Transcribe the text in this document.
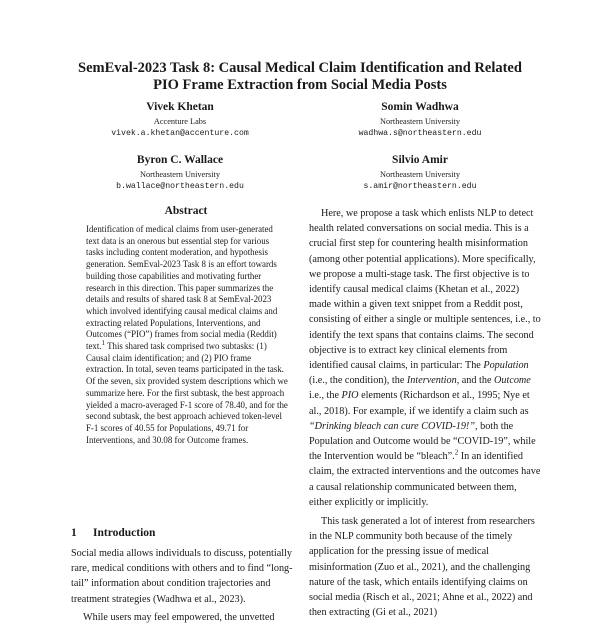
SemEval-2023 Task 8: Causal Medical Claim Identification and Related
PIO Frame Extraction from Social Media Posts
Vivek Khetan
Accenture Labs
vivek.a.khetan@accenture.com
Somin Wadhwa
Northeastern University
wadhwa.s@northeastern.edu
Byron C. Wallace
Northeastern University
b.wallace@northeastern.edu
Silvio Amir
Northeastern University
s.amir@northeastern.edu
Abstract

Identification of medical claims from user-generated text data is an onerous but essential step for various tasks including content moderation, and hypothesis generation. SemEval-2023 Task 8 is an effort towards building those capabilities and motivating further research in this direction. This paper summarizes the details and results of shared task 8 at SemEval-2023 which involved identifying causal medical claims and extracting related Populations, Interventions, and Outcomes (“PIO”) frames from social media (Reddit) text.$^1$ This shared task comprised two subtasks: (1) Causal claim identification; and (2) PIO frame extraction. In total, seven teams participated in the task. Of the seven, six provided system descriptions which we summarize here. For the first subtask, the best approach yielded a macro-averaged F-1 score of 78.40, and for the second subtask, the best approach achieved token-level F-1 scores of 40.55 for Populations, 49.71 for Interventions, and 30.08 for Outcome frames.

1 Introduction

Social media allows individuals to discuss, potentially rare, medical conditions with others and to find “long-tail” information about condition trajectories and treatment strategies (Wadhwa et al., 2023).

While users may feel empowered, the unvetted

Here, we propose a task which enlists NLP to detect health related conversations on social media. This is a crucial first step for countering health misinformation (among other potential applications). More specifically, we propose a multi-stage task. The first objective is to identify causal medical claims (Khetan et al., 2022) made within a given text snippet from a Reddit post, consisting of either a single or multiple sentences, i.e., to identify the text spans that contains claims. The second objective is to extract key clinical elements from identified causal claims, in particular: The Population (i.e., the condition), the Intervention, and the Outcome i.e., the PIO elements (Richardson et al., 1995; Nye et al., 2018). For example, if we identify a claim such as “Drinking bleach can cure COVID-19!”, both the Population and Outcome would be “COVID-19”, while the Intervention would be “bleach”.$^2$ In an identified claim, the extracted interventions and the outcomes have a causal relationship communicated between them, either explicitly or implicitly.

This task generated a lot of interest from researchers in the NLP community both because of the timely application for the pressing issue of medical misinformation (Zuo et al., 2021), and the challenging nature of the task, which entails identifying claims on social media (Risch et al., 2021; Ahne et al., 2022) and then extracting (Gi et al., 2021)
